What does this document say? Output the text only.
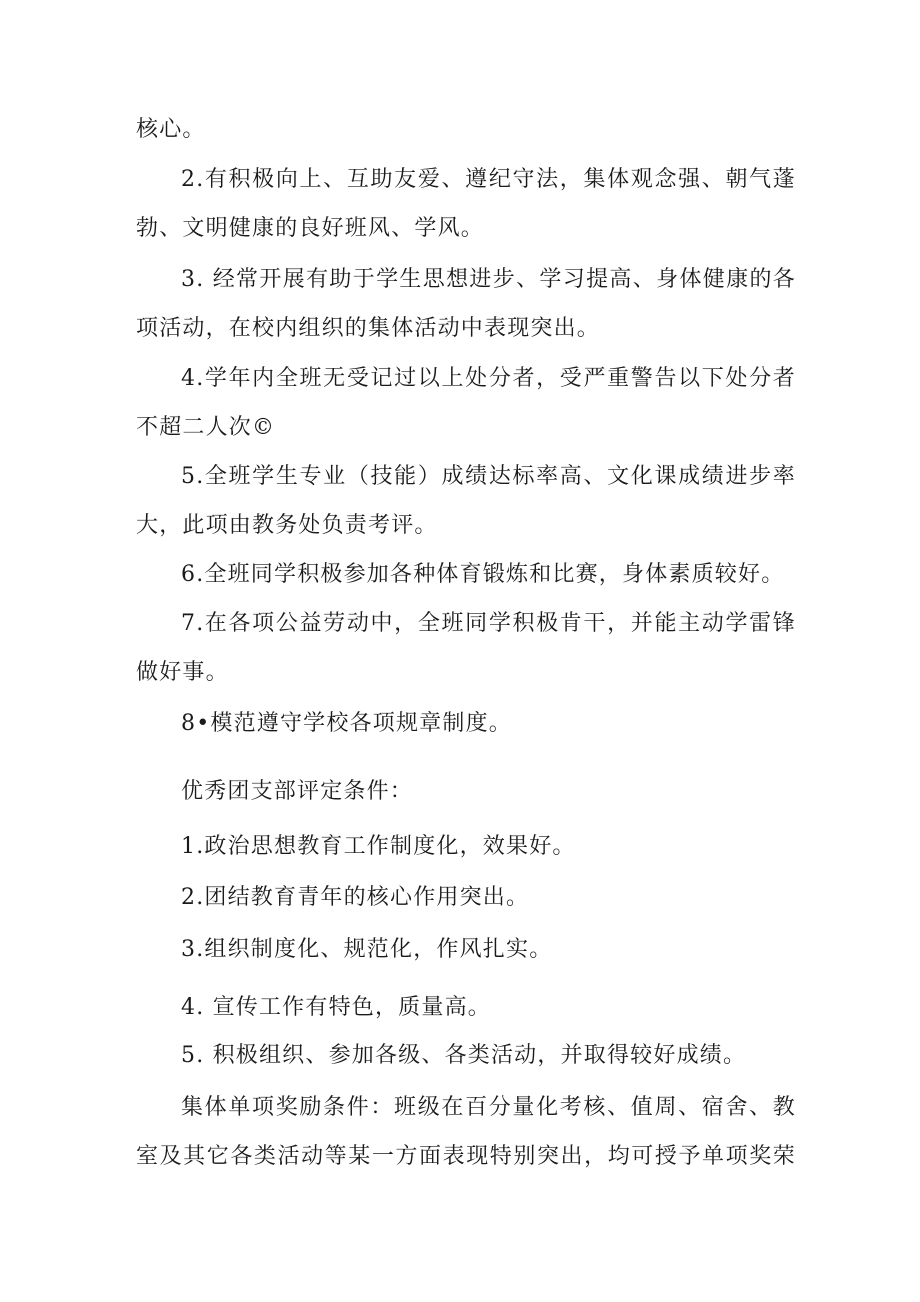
核心。

2.有积极向上、互助友爱、遵纪守法，集体观念强、朝气蓬

勃、文明健康的良好班风、学风。

3. 经常开展有助于学生思想进步、学习提高、身体健康的各

项活动，在校内组织的集体活动中表现突出。

4.学年内全班无受记过以上处分者，受严重警告以下处分者

不超二人次©

5.全班学生专业（技能）成绩达标率高、文化课成绩进步率

大，此项由教务处负责考评。

6.全班同学积极参加各种体育锻炼和比赛，身体素质较好。

7.在各项公益劳动中，全班同学积极肯干，并能主动学雷锋

做好事。

8•模范遵守学校各项规章制度。

优秀团支部评定条件：

1.政治思想教育工作制度化，效果好。

2.团结教育青年的核心作用突出。

3.组织制度化、规范化，作风扎实。

4. 宣传工作有特色，质量高。

5. 积极组织、参加各级、各类活动，并取得较好成绩。

集体单项奖励条件：班级在百分量化考核、值周、宿舍、教

室及其它各类活动等某一方面表现特别突出，均可授予单项奖荣
